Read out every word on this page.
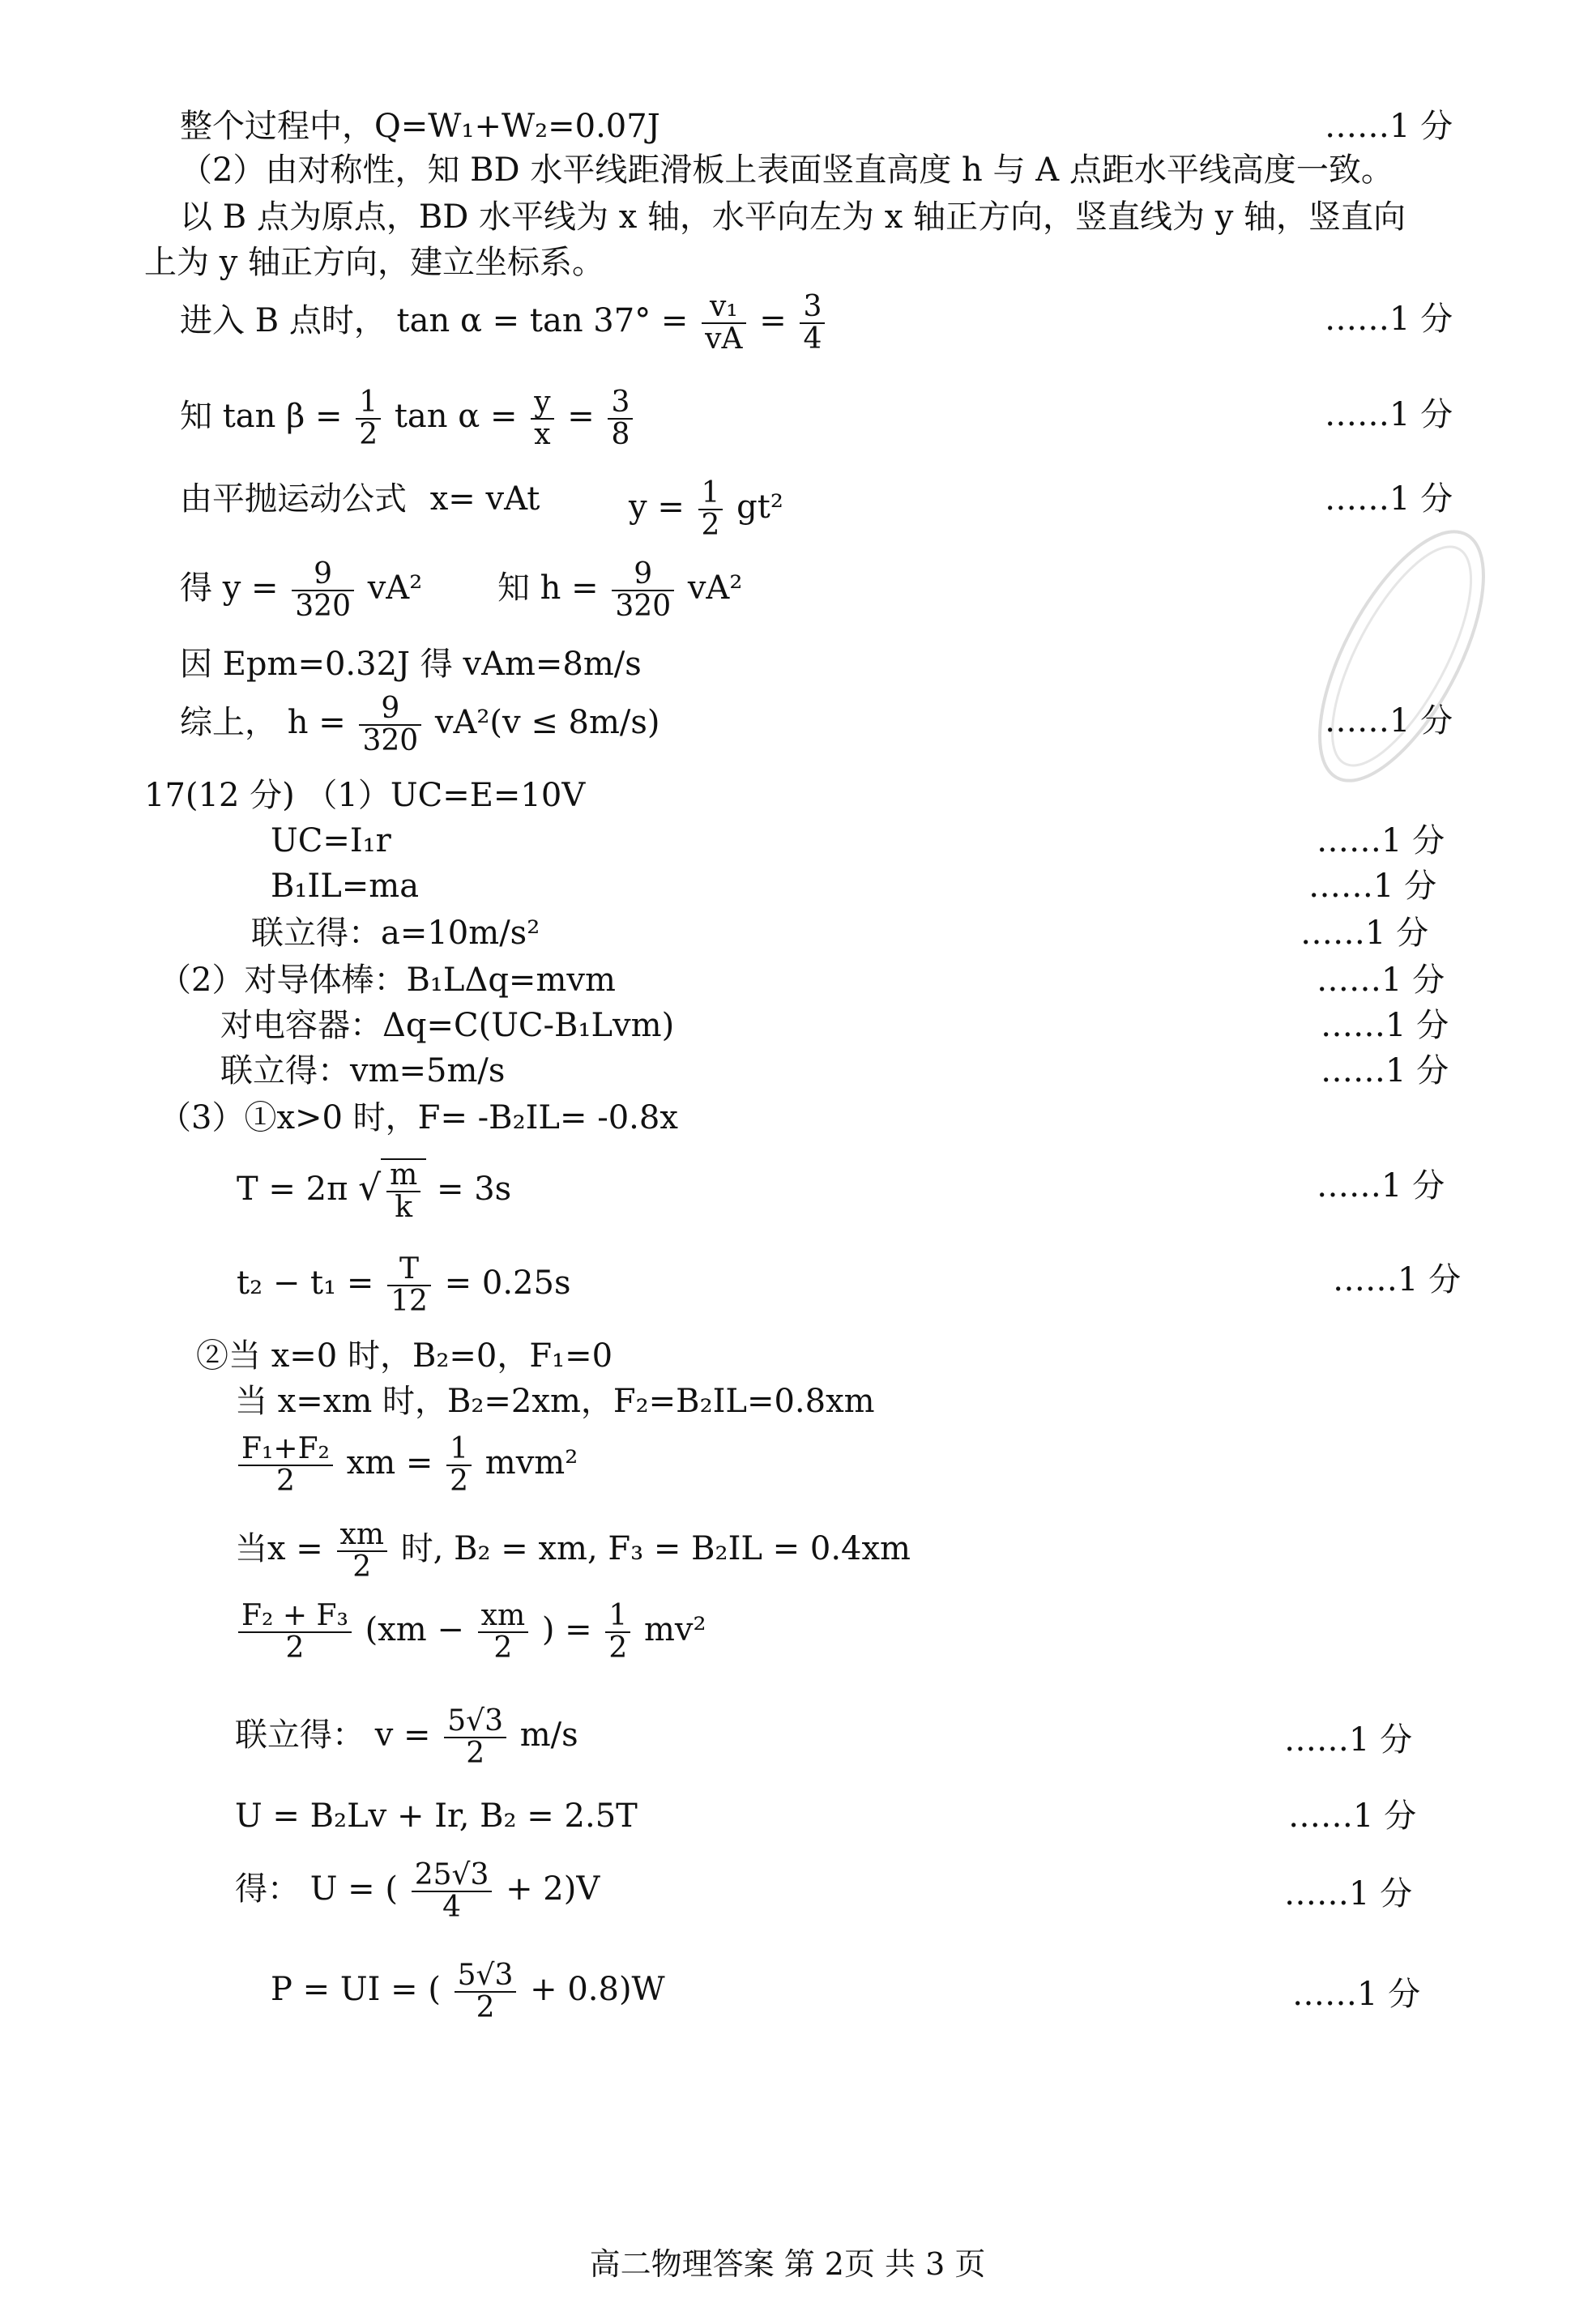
整个过程中，Q=W₁+W₂=0.07J	……1 分
（2）由对称性，知 BD 水平线距滑板上表面竖直高度 h 与 A 点距水平线高度一致。
以 B 点为原点，BD 水平线为 x 轴，水平向左为 x 轴正方向，竖直线为 y 轴，竖直向
上为 y 轴正方向，建立坐标系。
进入 B 点时， $\tan \alpha = \tan 37^\circ = \frac{\text{v₁}}{vA} = \frac{3}{4}$	……1 分
知 $\tan \beta = \frac{1}{2}$ $\tan \alpha = \frac{y}{x} = \frac{3}{8}$	……1 分
由平抛运动公式 x= vAt	$y = \frac{1}{2} gt^2$	……1 分
得 $y = \frac{9}{320} vA^2$ 知 $h = \frac{9}{320} vA^2$
因 Epm=0.32J 得 vAm=8m/s
综上， $h = \frac{9}{320} vA^2(v \le 8m/s)$	……1 分
17(12 分) （1）UC=E=10V
UC=I₁r	……1 分
B₁IL=ma	……1 分
联立得：a=10m/s²	……1 分
（2）对导体棒：B₁LΔq=mvm	……1 分
对电容器：Δq=C(UC-B₁Lvm)	……1 分
联立得：vm=5m/s	……1 分
（3）①x>0 时，F= -B₂IL= -0.8x
T = 2π √ $\frac{m}{k} = 3s$	……1 分
$t_2 - t_1 = \frac{T}{12} = 0.25s$	……1 分
②当 x=0 时，B₂=0，F₁=0
当 x=xm 时，B₂=2xm，F₂=B₂IL=0.8xm
$\frac{\text{F₁+F₂}}{2}$ xm = $\frac{1}{2} mvm^2$
当$x = \frac{xm}{2}$ 时, B₂ = xm, F₃ = B₂IL = 0.4xm
$\frac{\text{F₂ + F₃}}{2} (xm - \frac{xm}{2}$ ) = $\frac{1}{2} mv^2$
联立得： $v = \frac{5√3}{2} m/s$	……1 分
U = B₂Lv + Ir, B₂ = 2.5T	……1 分
得： U = ( $\frac{25√3}{4} + 2)V$	……1 分
P = UI = ( $\frac{5√3}{2} + 0.8)W$	……1 分
高二物理答案 第 2页 共 3 页
